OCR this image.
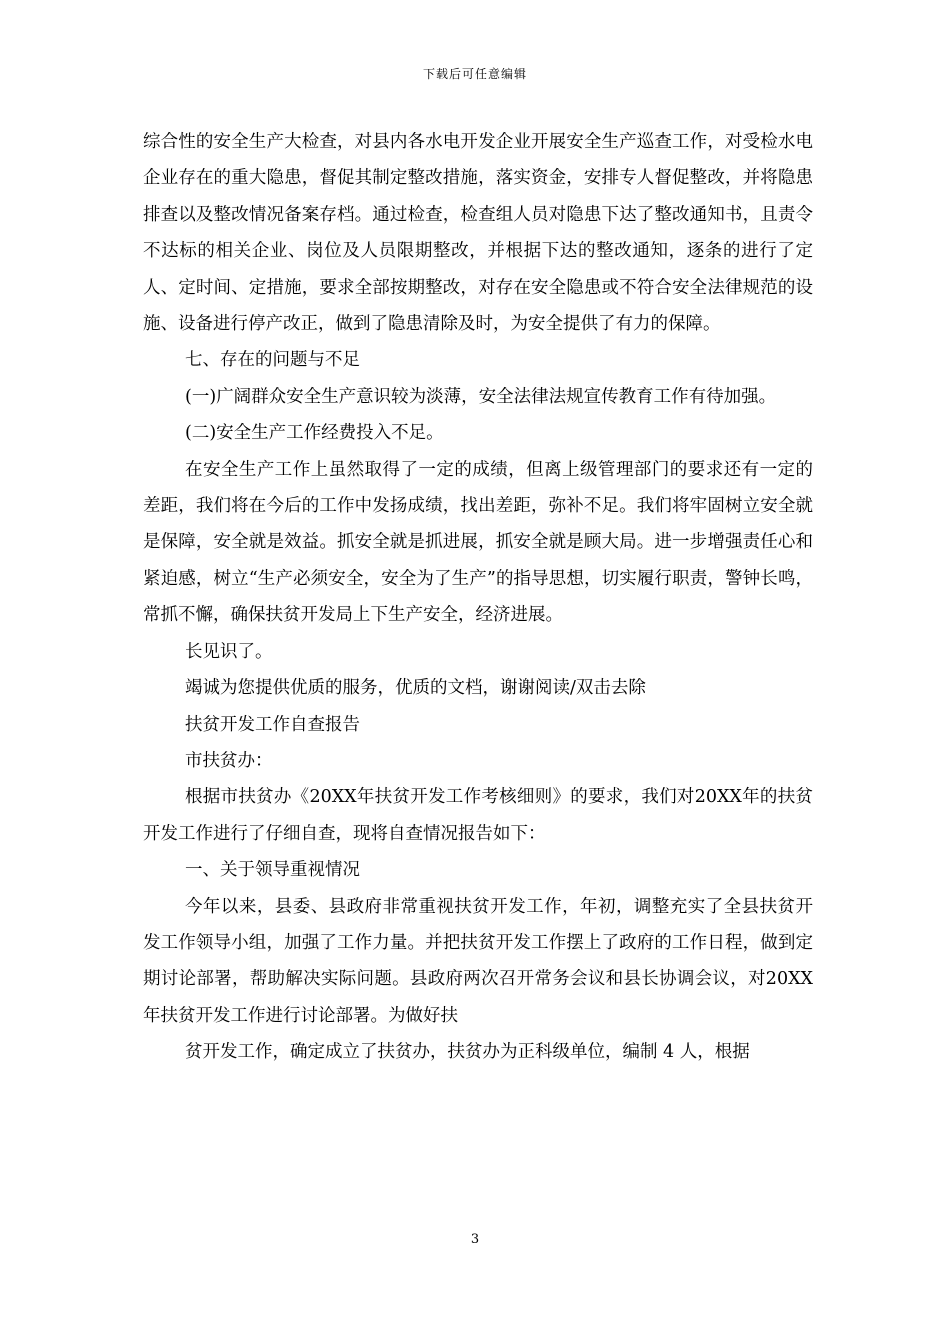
下载后可任意编辑

综合性的安全生产大检查，对县内各水电开发企业开展安全生产巡查工作，对受检水电企业存在的重大隐患，督促其制定整改措施，落实资金，安排专人督促整改，并将隐患排查以及整改情况备案存档。通过检查，检查组人员对隐患下达了整改通知书，且责令不达标的相关企业、岗位及人员限期整改，并根据下达的整改通知，逐条的进行了定人、定时间、定措施，要求全部按期整改，对存在安全隐患或不符合安全法律规范的设施、设备进行停产改正，做到了隐患清除及时，为安全提供了有力的保障。

七、存在的问题与不足

(一)广阔群众安全生产意识较为淡薄，安全法律法规宣传教育工作有待加强。

(二)安全生产工作经费投入不足。

在安全生产工作上虽然取得了一定的成绩，但离上级管理部门的要求还有一定的差距，我们将在今后的工作中发扬成绩，找出差距，弥补不足。我们将牢固树立安全就是保障，安全就是效益。抓安全就是抓进展，抓安全就是顾大局。进一步增强责任心和紧迫感，树立“生产必须安全，安全为了生产”的指导思想，切实履行职责，警钟长鸣，常抓不懈，确保扶贫开发局上下生产安全，经济进展。

长见识了。

竭诚为您提供优质的服务，优质的文档，谢谢阅读/双击去除

扶贫开发工作自查报告

市扶贫办：

根据市扶贫办《20XX年扶贫开发工作考核细则》的要求，我们对20XX年的扶贫开发工作进行了仔细自查，现将自查情况报告如下：

一、关于领导重视情况

今年以来，县委、县政府非常重视扶贫开发工作，年初，调整充实了全县扶贫开发工作领导小组，加强了工作力量。并把扶贫开发工作摆上了政府的工作日程，做到定期讨论部署，帮助解决实际问题。县政府两次召开常务会议和县长协调会议，对20XX年扶贫开发工作进行讨论部署。为做好扶

贫开发工作，确定成立了扶贫办，扶贫办为正科级单位，编制 4 人，根据

3
